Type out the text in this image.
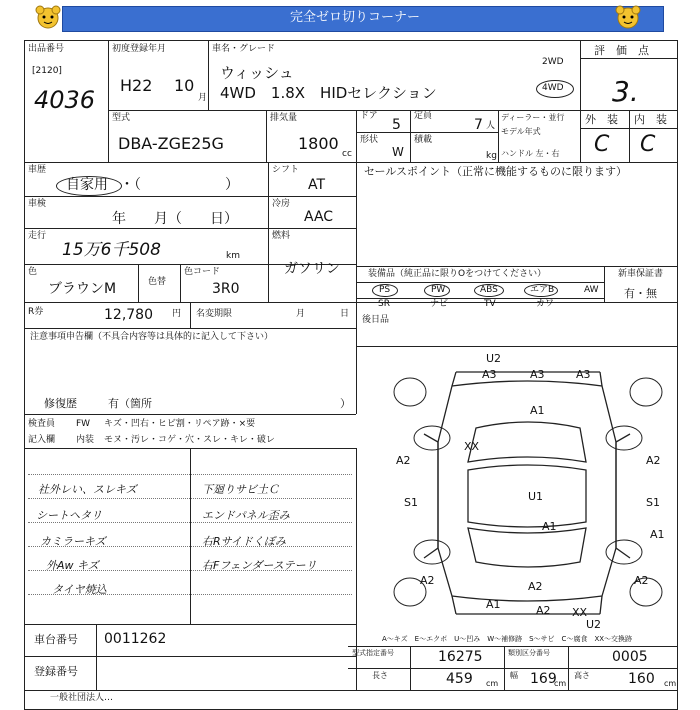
完全ゼロ切りコーナー
出品番号
[2120]
4036
初度登録年月
H22 10
月
車名・グレード
ウィッシュ
4WD　1.8X　HIDセレクション
2WD
4WD
評　価　点
3.
外　装 内　装
C C
型式
DBA-ZGE25G
排気量
1800
cc
ドア
5
形状
W
定員
7 人
積載
kg
ディーラー・並行
モデル年式
ハンドル 左・右
車歴
自家用 ・（　　　　　　）
シフト
AT
車検
年　　月（　　日）
冷房
AAC
走行
15万6千508	km
燃料
ガソリン
色
ブラウンM	色替
色コード
3R0
R券	12,780 円 名変期限	月	日
セールスポイント（正常に機能するものに限ります）
装備品（純正品に限りOをつけてください）	新車保証書
有・無
PS	PW	ABS	エアB	AW
SR	ナビ	TV	カワ
後日品
注意事項申告欄（不具合内容等は具体的に記入して下さい）
修復歴	有（箇所	）
検査員
記入欄
FW キズ・凹右・ヒビ割・リペア跡・×要
内装 モヌ・汚レ・コゲ・穴・スレ・キレ・破レ
社外レい、スレキズ
シートヘタリ
カミラーキズ
外Aw キズ
タイヤ焼込
下廻りサビ土Ｃ
エンドパネル歪み
右Rサイドくぼみ
右Fフェンダーステーリ
U2
A3	A3	A3
A1
A2
XX
A2
U1
A1
S1	S1
A1
A2	A2
A2
A1	A2 XX
U2
A～キズ　E～エクボ　U～凹み　W～補修跡　S～サビ　C～腐食　XX～交換跡
車台番号 0011262
登録番号
型式指定番号	16275	類別区分番号	0005
長さ	459 cm
幅 169
cm
高さ	160 cm
一般社団法人…
